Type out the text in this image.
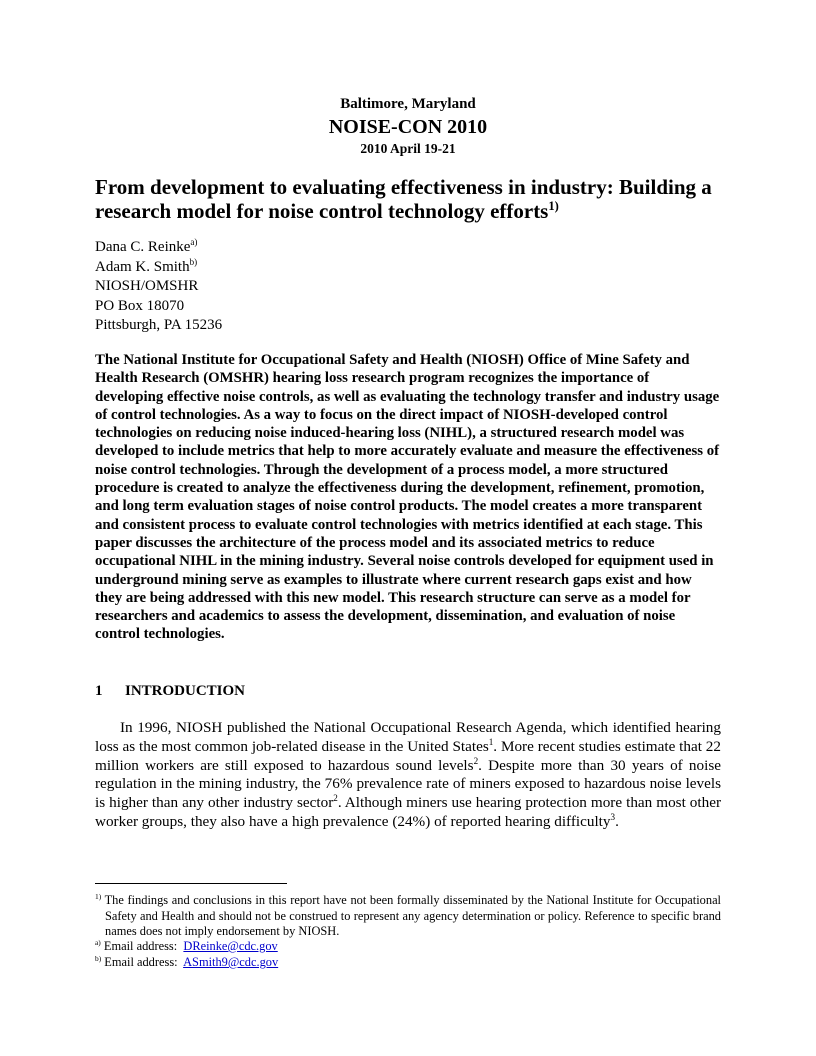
Baltimore, Maryland
NOISE-CON 2010
2010 April 19-21
From development to evaluating effectiveness in industry: Building a research model for noise control technology efforts$^{1)}$
Dana C. Reinke$^{a)}$
Adam K. Smith$^{b)}$
NIOSH/OMSHR
PO Box 18070
Pittsburgh, PA 15236

The National Institute for Occupational Safety and Health (NIOSH) Office of Mine Safety and Health Research (OMSHR) hearing loss research program recognizes the importance of developing effective noise controls, as well as evaluating the technology transfer and industry usage of control technologies. As a way to focus on the direct impact of NIOSH-developed control technologies on reducing noise induced-hearing loss (NIHL), a structured research model was developed to include metrics that help to more accurately evaluate and measure the effectiveness of noise control technologies. Through the development of a process model, a more structured procedure is created to analyze the effectiveness during the development, refinement, promotion, and long term evaluation stages of noise control products. The model creates a more transparent and consistent process to evaluate control technologies with metrics identified at each stage. This paper discusses the architecture of the process model and its associated metrics to reduce occupational NIHL in the mining industry. Several noise controls developed for equipment used in underground mining serve as examples to illustrate where current research gaps exist and how they are being addressed with this new model. This research structure can serve as a model for researchers and academics to assess the development, dissemination, and evaluation of noise control technologies.

1 INTRODUCTION

In 1996, NIOSH published the National Occupational Research Agenda, which identified hearing loss as the most common job-related disease in the United States$^1$. More recent studies estimate that 22 million workers are still exposed to hazardous sound levels$^2$. Despite more than 30 years of noise regulation in the mining industry, the 76% prevalence rate of miners exposed to hazardous noise levels is higher than any other industry sector$^2$. Although miners use hearing protection more than most other worker groups, they also have a high prevalence (24%) of reported hearing difficulty$^3$.

$^{1)}$ The findings and conclusions in this report have not been formally disseminated by the National Institute for Occupational Safety and Health and should not be construed to represent any agency determination or policy. Reference to specific brand names does not imply endorsement by NIOSH.
$^{a)}$ Email address: DReinke@cdc.gov
$^{b)}$ Email address: ASmith9@cdc.gov
